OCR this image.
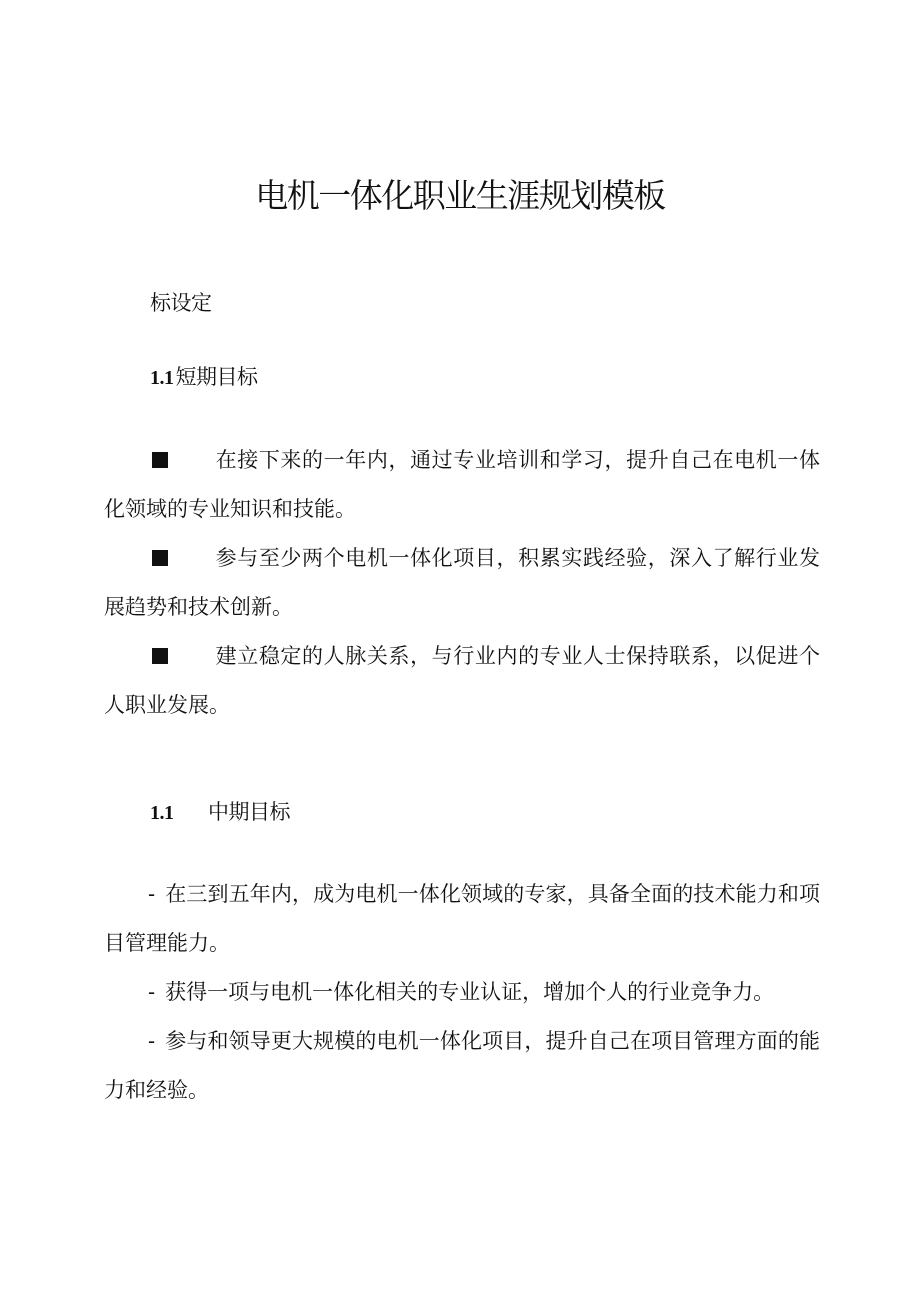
电机一体化职业生涯规划模板
标设定
1.1短期目标

在接下来的一年内，通过专业培训和学习，提升自己在电机一体化领域的专业知识和技能。

参与至少两个电机一体化项目，积累实践经验，深入了解行业发展趋势和技术创新。

建立稳定的人脉关系，与行业内的专业人士保持联系，以促进个人职业发展。

1.1 中期目标

- 在三到五年内，成为电机一体化领域的专家，具备全面的技术能力和项目管理能力。

- 获得一项与电机一体化相关的专业认证，增加个人的行业竞争力。

- 参与和领导更大规模的电机一体化项目，提升自己在项目管理方面的能力和经验。
